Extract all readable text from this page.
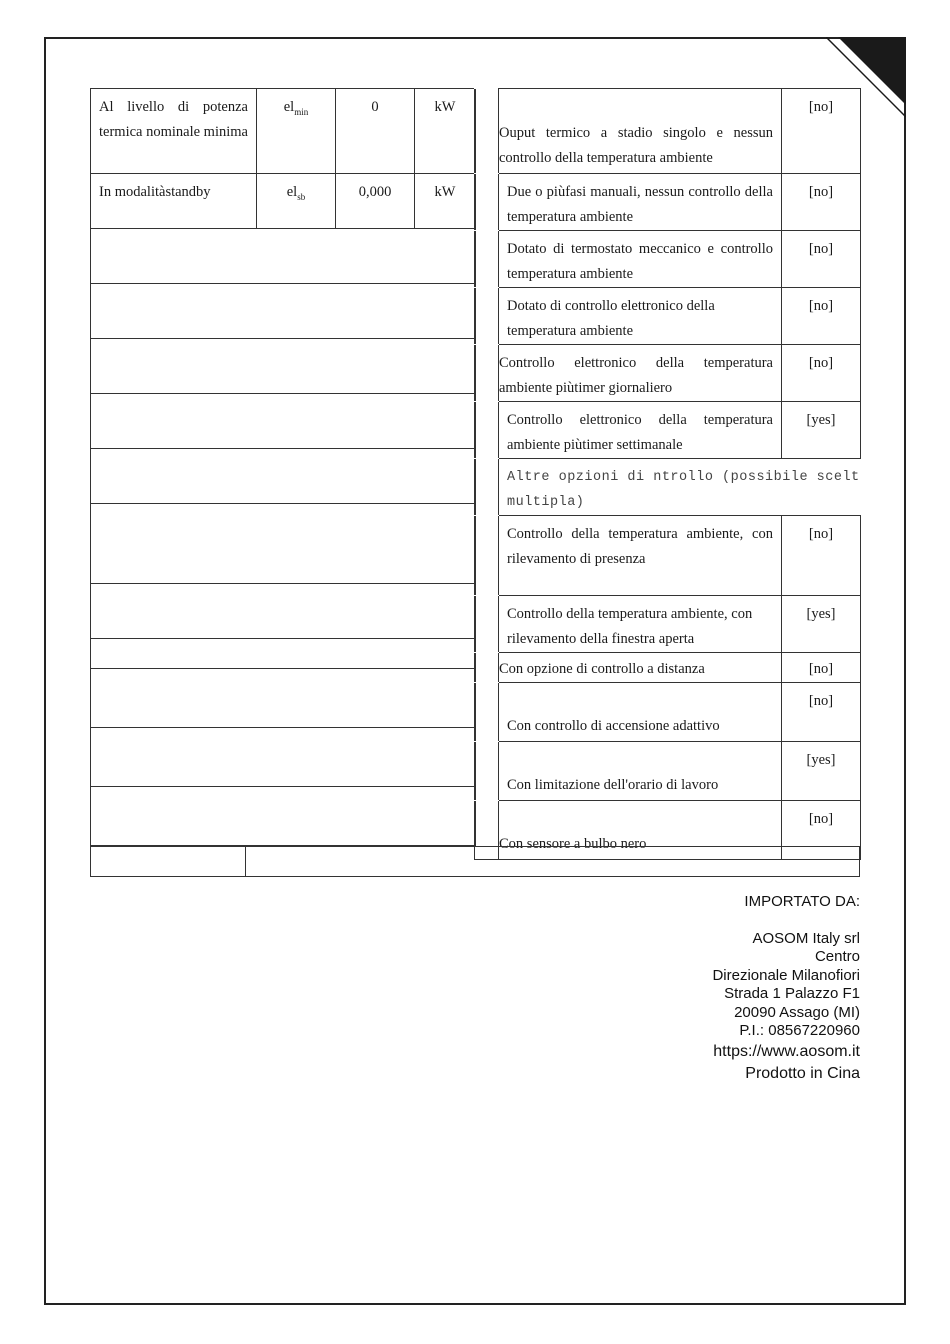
Al livello di potenza termica nominale minima	$el_{min}$	0	kW
In modalitàstandby	$el_{sb}$	0,000	kW

	Ouput termico a stadio singolo e nessun controllo della temperatura ambiente	[no]
	Due o piùfasi manuali, nessun controllo della temperatura ambiente	[no]
	Dotato di termostato meccanico e controllo temperatura ambiente	[no]
	Dotato di controllo elettronico della temperatura ambiente	[no]
	Controllo elettronico della temperatura ambiente piùtimer giornaliero	[no]
	Controllo elettronico della temperatura ambiente piùtimer settimanale	[yes]

	Altre opzioni di ntrollo (possibile scelt
multipla)	

	Controllo della temperatura ambiente, con rilevamento di presenza	[no]
	Controllo della temperatura ambiente, con rilevamento della finestra aperta	[yes]
	Con opzione di controllo a distanza	[no]
	Con controllo di accensione adattivo	[no]
	Con limitazione dell'orario di lavoro	[yes]
	Con sensore a bulbo nero	[no]
IMPORTATO DA:
AOSOM Italy srl
Centro
Direzionale Milanofiori
Strada 1 Palazzo F1
20090 Assago (MI)
P.I.: 08567220960
https://www.aosom.it
Prodotto in Cina
